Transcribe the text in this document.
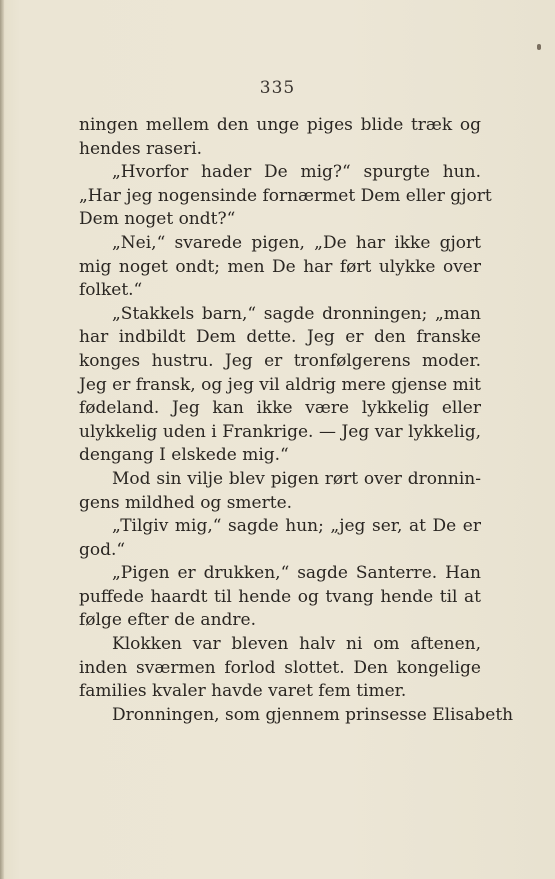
335
ningen mellem den unge piges blide træk og
hendes raseri.
„Hvorfor hader De mig?“ spurgte hun.
„Har jeg nogensinde fornærmet Dem eller gjort
Dem noget ondt?“
„Nei,“ svarede pigen, „De har ikke gjort
mig noget ondt; men De har ført ulykke over
folket.“
„Stakkels barn,“ sagde dronningen; „man
har indbildt Dem dette. Jeg er den franske
konges hustru. Jeg er tronfølgerens moder.
Jeg er fransk, og jeg vil aldrig mere gjense mit
fødeland. Jeg kan ikke være lykkelig eller
ulykkelig uden i Frankrige. — Jeg var lykkelig,
dengang I elskede mig.“
Mod sin vilje blev pigen rørt over dronnin-
gens mildhed og smerte.
„Tilgiv mig,“ sagde hun; „jeg ser, at De er
god.“
„Pigen er drukken,“ sagde Santerre. Han
puffede haardt til hende og tvang hende til at
følge efter de andre.
Klokken var bleven halv ni om aftenen,
inden sværmen forlod slottet. Den kongelige
families kvaler havde varet fem timer.
Dronningen, som gjennem prinsesse Elisabeth
